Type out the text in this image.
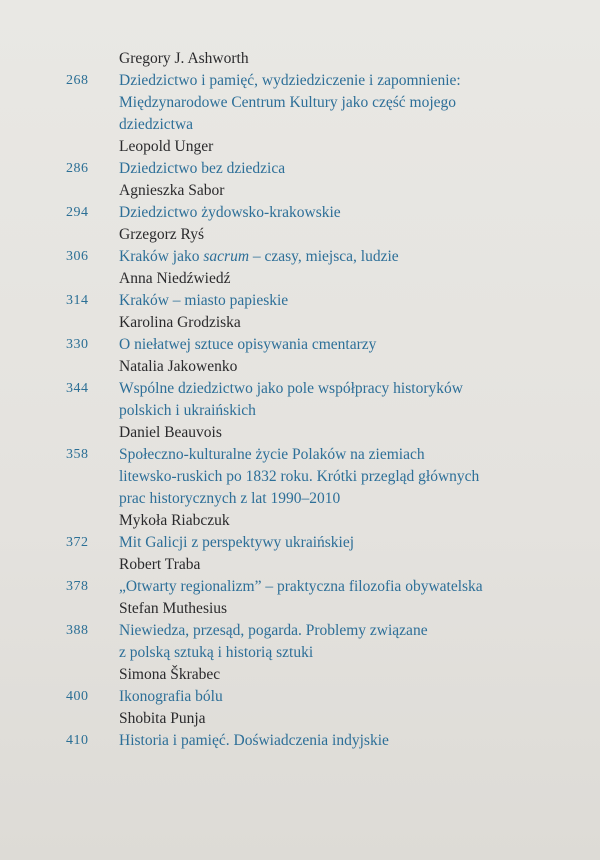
Gregory J. Ashworth
268	Dziedzictwo i pamięć, wydziedziczenie i zapomnienie:
Międzynarodowe Centrum Kultury jako część mojego
dziedzictwa
Leopold Unger
286	Dziedzictwo bez dziedzica
Agnieszka Sabor
294	Dziedzictwo żydowsko-krakowskie
Grzegorz Ryś
306	Kraków jako sacrum – czasy, miejsca, ludzie
Anna Niedźwiedź
314	Kraków – miasto papieskie
Karolina Grodziska
330	O niełatwej sztuce opisywania cmentarzy
Natalia Jakowenko
344	Wspólne dziedzictwo jako pole współpracy historyków
polskich i ukraińskich
Daniel Beauvois
358	Społeczno-kulturalne życie Polaków na ziemiach
litewsko-ruskich po 1832 roku. Krótki przegląd głównych
prac historycznych z lat 1990–2010
Mykoła Riabczuk
372	Mit Galicji z perspektywy ukraińskiej
Robert Traba
378	„Otwarty regionalizm” – praktyczna filozofia obywatelska
Stefan Muthesius
388	Niewiedza, przesąd, pogarda. Problemy związane
z polską sztuką i historią sztuki
Simona Škrabec
400	Ikonografia bólu
Shobita Punja
410	Historia i pamięć. Doświadczenia indyjskie
